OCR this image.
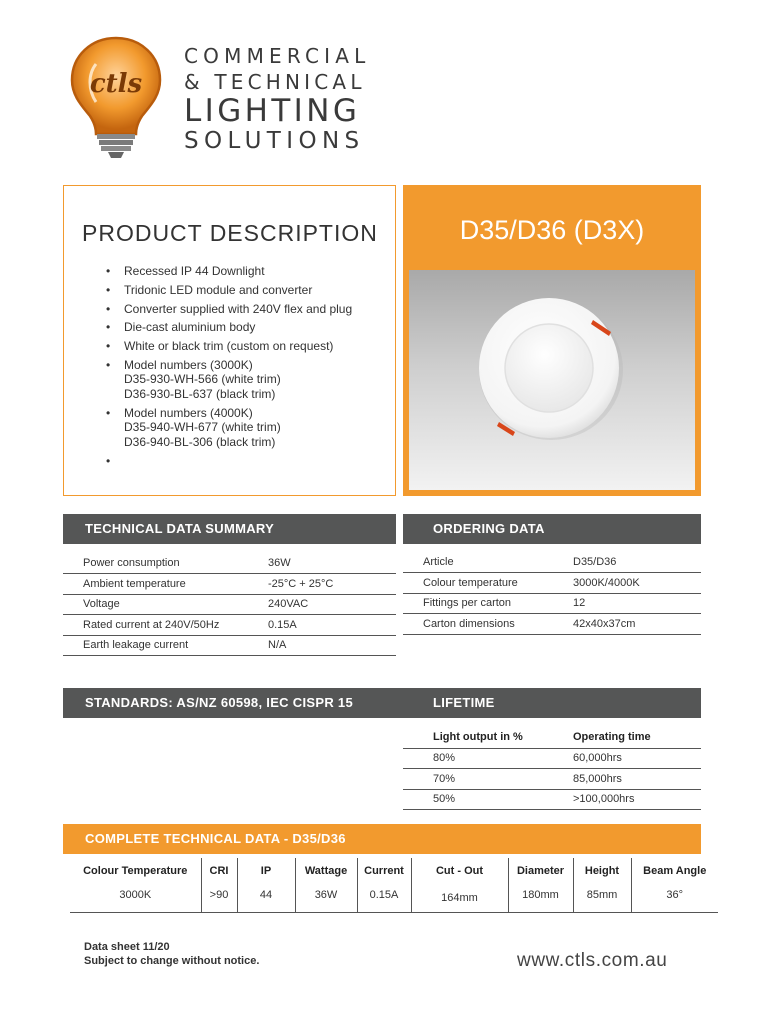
ctls
COMMERCIAL
& TECHNICAL
LIGHTING
SOLUTIONS
PRODUCT DESCRIPTION
• Recessed IP 44 Downlight
• Tridonic LED module and converter
• Converter supplied with 240V flex and plug
• Die-cast aluminium body
• White or black trim (custom on request)
• Model numbers (3000K)
D35-930-WH-566 (white trim)
D36-930-BL-637 (black trim)
• Model numbers (4000K)
D35-940-WH-677 (white trim)
D36-940-BL-306 (black trim)
D35/D36 (D3X)
TECHNICAL DATA SUMMARY
Power consumption	36W
Ambient temperature	-25°C + 25°C
Voltage	240VAC
Rated current at 240V/50Hz	0.15A
Earth leakage current	N/A
ORDERING DATA
Article	D35/D36
Colour temperature	3000K/4000K
Fittings per carton	12
Carton dimensions	42x40x37cm
STANDARDS: AS/NZ 60598, IEC CISPR 15	LIFETIME
Light output in %	Operating time
80%	60,000hrs
70%	85,000hrs
50%	>100,000hrs
COMPLETE TECHNICAL DATA - D35/D36
Colour Temperature	CRI	IP	Wattage	Current	Cut - Out	Diameter	Height	Beam Angle
3000K	>90	44	36W	0.15A	164mm	180mm	85mm	36°
Data sheet 11/20
Subject to change without notice.	www.ctls.com.au
